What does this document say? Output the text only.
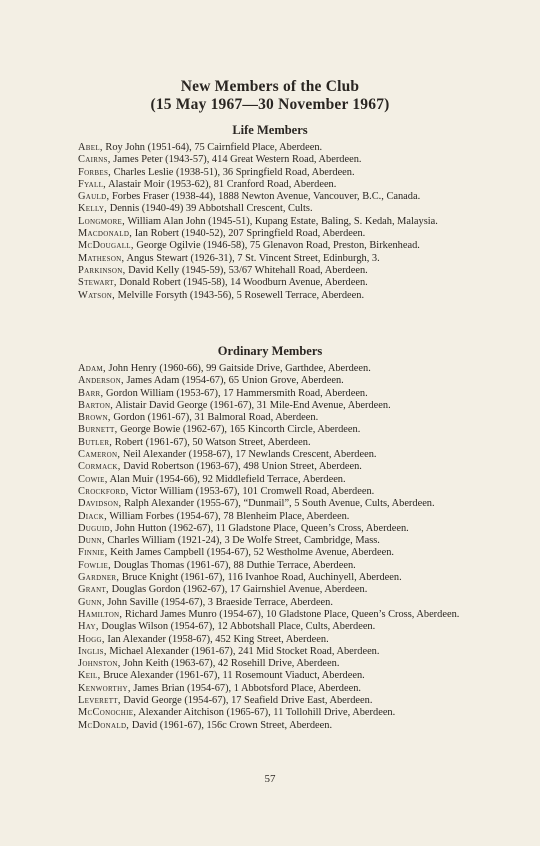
New Members of the Club
(15 May 1967—30 November 1967)
Life Members
Abel, Roy John (1951-64), 75 Cairnfield Place, Aberdeen.
Cairns, James Peter (1943-57), 414 Great Western Road, Aberdeen.
Forbes, Charles Leslie (1938-51), 36 Springfield Road, Aberdeen.
Fyall, Alastair Moir (1953-62), 81 Cranford Road, Aberdeen.
Gauld, Forbes Fraser (1938-44), 1888 Newton Avenue, Vancouver, B.C., Canada.
Kelly, Dennis (1940-49) 39 Abbotshall Crescent, Cults.
Longmore, William Alan John (1945-51), Kupang Estate, Baling, S. Kedah, Malaysia.
Macdonald, Ian Robert (1940-52), 207 Springfield Road, Aberdeen.
McDougall, George Ogilvie (1946-58), 75 Glenavon Road, Preston, Birkenhead.
Matheson, Angus Stewart (1926-31), 7 St. Vincent Street, Edinburgh, 3.
Parkinson, David Kelly (1945-59), 53/67 Whitehall Road, Aberdeen.
Stewart, Donald Robert (1945-58), 14 Woodburn Avenue, Aberdeen.
Watson, Melville Forsyth (1943-56), 5 Rosewell Terrace, Aberdeen.
Ordinary Members
Adam, John Henry (1960-66), 99 Gaitside Drive, Garthdee, Aberdeen.
Anderson, James Adam (1954-67), 65 Union Grove, Aberdeen.
Barr, Gordon William (1953-67), 17 Hammersmith Road, Aberdeen.
Barton, Alistair David George (1961-67), 31 Mile-End Avenue, Aberdeen.
Brown, Gordon (1961-67), 31 Balmoral Road, Aberdeen.
Burnett, George Bowie (1962-67), 165 Kincorth Circle, Aberdeen.
Butler, Robert (1961-67), 50 Watson Street, Aberdeen.
Cameron, Neil Alexander (1958-67), 17 Newlands Crescent, Aberdeen.
Cormack, David Robertson (1963-67), 498 Union Street, Aberdeen.
Cowie, Alan Muir (1954-66), 92 Middlefield Terrace, Aberdeen.
Crockford, Victor William (1953-67), 101 Cromwell Road, Aberdeen.
Davidson, Ralph Alexander (1955-67), “Dunmail”, 5 South Avenue, Cults, Aberdeen.
Diack, William Forbes (1954-67), 78 Blenheim Place, Aberdeen.
Duguid, John Hutton (1962-67), 11 Gladstone Place, Queen’s Cross, Aberdeen.
Dunn, Charles William (1921-24), 3 De Wolfe Street, Cambridge, Mass.
Finnie, Keith James Campbell (1954-67), 52 Westholme Avenue, Aberdeen.
Fowlie, Douglas Thomas (1961-67), 88 Duthie Terrace, Aberdeen.
Gardner, Bruce Knight (1961-67), 116 Ivanhoe Road, Auchinyell, Aberdeen.
Grant, Douglas Gordon (1962-67), 17 Gairnshiel Avenue, Aberdeen.
Gunn, John Saville (1954-67), 3 Braeside Terrace, Aberdeen.
Hamilton, Richard James Munro (1954-67), 10 Gladstone Place, Queen’s Cross, Aberdeen.
Hay, Douglas Wilson (1954-67), 12 Abbotshall Place, Cults, Aberdeen.
Hogg, Ian Alexander (1958-67), 452 King Street, Aberdeen.
Inglis, Michael Alexander (1961-67), 241 Mid Stocket Road, Aberdeen.
Johnston, John Keith (1963-67), 42 Rosehill Drive, Aberdeen.
Keil, Bruce Alexander (1961-67), 11 Rosemount Viaduct, Aberdeen.
Kenworthy, James Brian (1954-67), 1 Abbotsford Place, Aberdeen.
Leverett, David George (1954-67), 17 Seafield Drive East, Aberdeen.
McConochie, Alexander Aitchison (1965-67), 11 Tollohill Drive, Aberdeen.
McDonald, David (1961-67), 156c Crown Street, Aberdeen.
57
